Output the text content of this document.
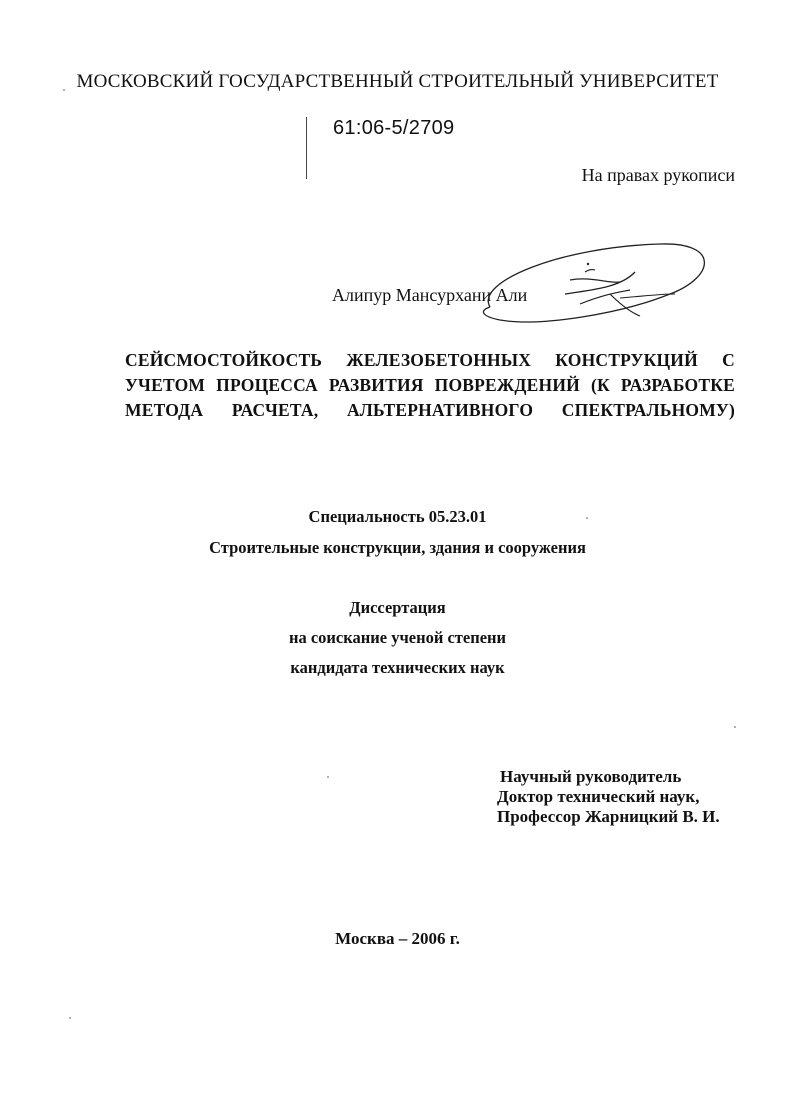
МОСКОВСКИЙ ГОСУДАРСТВЕННЫЙ СТРОИТЕЛЬНЫЙ УНИВЕРСИТЕТ
61:06-5/2709
На правах рукописи
Алипур Мансурхани Али
СЕЙСМОСТОЙКОСТЬ ЖЕЛЕЗОБЕТОННЫХ КОНСТРУКЦИЙ С
УЧЕТОМ ПРОЦЕССА РАЗВИТИЯ ПОВРЕЖДЕНИЙ (К РАЗРАБОТКЕ
МЕТОДА РАСЧЕТА, АЛЬТЕРНАТИВНОГО СПЕКТРАЛЬНОМУ)
Специальность 05.23.01
Строительные конструкции, здания и сооружения
Диссертация
на соискание ученой степени
кандидата технических наук
Научный руководитель
Доктор технический наук,
Профессор Жарницкий В. И.
Москва – 2006 г.
